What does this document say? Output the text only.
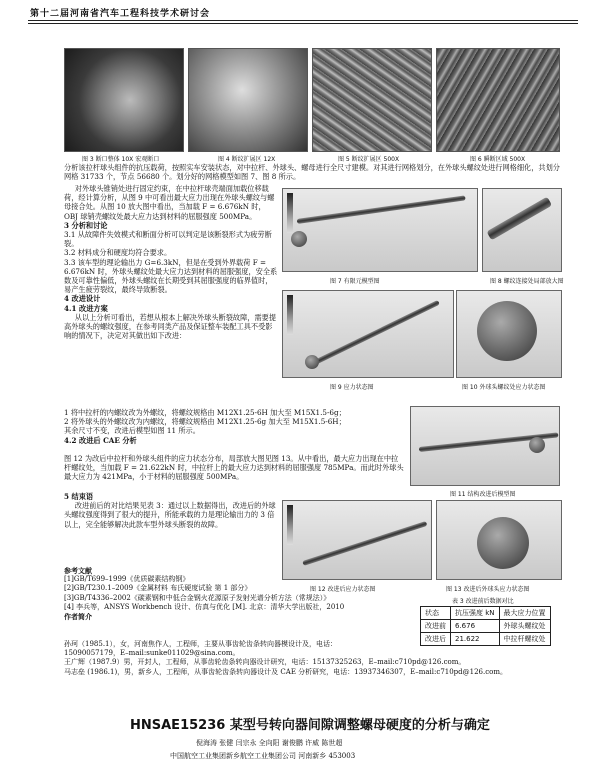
第十二届河南省汽车工程科技学术研讨会
图 3 断口整体 10X 宏观断口	图 4 断纹扩展区 12X	图 5 断纹扩展区 500X	图 6 瞬断区域 500X
分析该拉杆球头组件的抗压载荷，按照实车安装状态，对中拉杆、外球头、螺母进行全尺寸建模。对其进行网格划分，在外球头螺纹处进行网格细化，共划分网格 31733 个，节点 56680 个。划分好的网格模型如图 7、图 8 所示。

对外球头锥销处进行固定约束，在中拉杆球壳端面加载位移载荷，经计算分析，从图 9 中可看出最大应力出现在外球头螺纹与螺母接合处。从图 10 放大图中看出，当加载 F = 6.676kN 时，OBJ 球销壳螺纹处最大应力达到材料的屈服强度 500MPa。

3 分析和讨论

3.1 从故障件失效模式和断面分析可以判定是该断裂形式为疲劳断裂。

3.2 材料成分和硬度均符合要求。

3.3 该车型的理论输出力 G=6.3kN，但是在受到外界载荷 F = 6.676kN 时，外球头螺纹处最大应力达到材料的屈服强度，安全系数及可靠性偏低，外球头螺纹在长期受到其屈服强度的临界值时，易产生疲劳裂纹，最终导致断裂。

4 改进设计

4.1 改进方案

从以上分析可看出，若想从根本上解决外球头断裂故障，需要提高外球头的螺纹强度，在参考同类产品及保证整车装配工具不受影响的情况下，决定对其做出如下改进：

1 将中拉杆的内螺纹改为外螺纹，将螺纹规格由 M12X1.25-6H 加大至 M15X1.5-6g；

2 将外球头的外螺纹改为内螺纹，将螺纹规格由 M12X1.25-6g 加大至 M15X1.5-6H；

其余尺寸不变，改进后模型如图 11 所示。

4.2 改进后 CAE 分析

图 12 为改后中拉杆和外球头组件的应力状态分布，局部放大图见图 13。从中看出，最大应力出现在中拉杆螺纹处，当加载 F = 21.622kN 时，中拉杆上的最大应力达到材料的屈服强度 785MPa。而此时外球头最大应力为 421MPa，小于材料的屈服强度 500MPa。

5 结束语

改进前后的对比结果见表 3：通过以上数据得出，改进后的外球头螺纹强度得到了很大的提升，所能承载的力是理论输出力的 3 倍以上，完全能够解决此款车型外球头断裂的故障。

图 7 有限元模型图	图 8 螺纹连接处局部放大图
图 9 应力状态图	图 10 外球头螺纹处应力状态图
图 11 结构改进后模型图
图 12 改进后应力状态图	图 13 改进后外球头应力状态图
表 3 改进前后数据对比
状态	抗压强度 kN	最大应力位置
改进前	6.676	外球头螺纹处
改进后	21.622	中拉杆螺纹处
参考文献
[1]GB/T699–1999《优质碳素结构钢》
[2]GB/T230.1–2009《金属材料 布氏硬度试验 第 1 部分》
[3]GB/T4336–2002《碳素钢和中低合金钢火花源原子发射光谱分析方法（常规法）》
[4] 李兵等，ANSYS Workbench 设计、仿真与优化 [M]. 北京：清华大学出版社，2010
作者简介
孙珂（1985.1），女，河南焦作人，工程师，主要从事齿轮齿条转向器模设计及，电话：
15090057179，E–mail:sunke011029@sina.com。
王广辉（1987.9）男，开封人，工程师，从事齿轮齿条转向器设计研究，电话：15137325263，E–mail:c710pd@126.com。
马志垒 (1986.1)，男，新乡人，工程师，从事齿轮齿条转向器设计及 CAE 分析研究，电话：13937346307，E–mail:c710pd@126.com。
HNSAE15236 某型号转向器间隙调整螺母硬度的分析与确定
倪海涛 张健 闫宗永 全向阳 谢俊鹏 许威 陈世超
中国航空工业集团新乡航空工业集团公司 河南新乡 453003
